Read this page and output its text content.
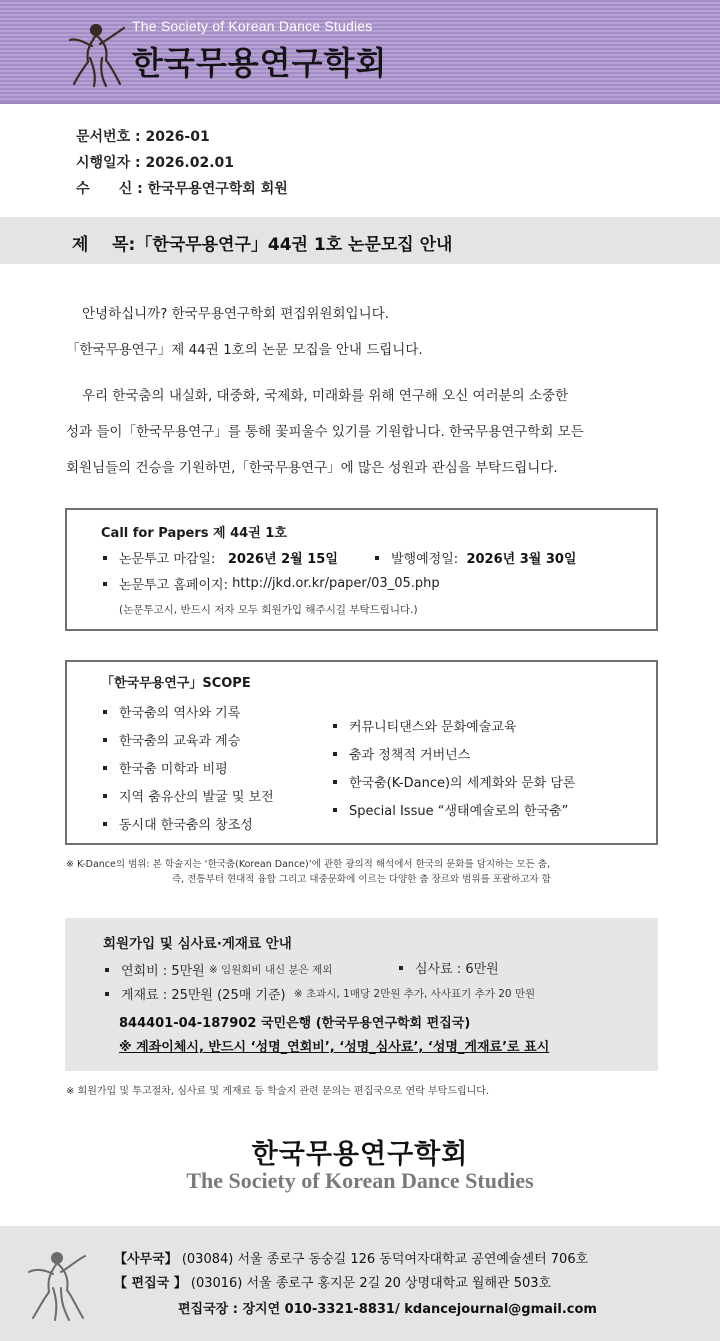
The Society of Korean Dance Studies
한국무용연구학회
문서번호
: 2026-01
시행일자
: 2026.02.01
수      신
: 한국무용연구학회 회원
제    목:「한국무용연구」44권 1호 논문모집 안내

안녕하십니까? 한국무용연구학회 편집위원회입니다.

「한국무용연구」제 44권 1호의 논문 모집을 안내 드립니다.

우리 한국춤의 내실화, 대중화, 국제화, 미래화를 위해 연구해 오신 여러분의 소중한

성과 들이「한국무용연구」를 통해 꽃피울수 있기를 기원합니다. 한국무용연구학회 모든

회원님들의 건승을 기원하면,「한국무용연구」에 많은 성원과 관심을 부탁드립니다.

Call for Papers 제 44권 1호
논문투고 마감일:
2026년 2월 15일	발행예정일:
2026년 3월 30일
논문투고 홈페이지:
http://jkd.or.kr/paper/03_05.php
(논문투고시, 반드시 저자 모두 회원가입 해주시길 부탁드립니다.)
「한국무용연구」SCOPE
한국춤의 역사와 기록
한국춤의 교육과 계승
한국춤 미학과 비평
지역 춤유산의 발굴 및 보전
동시대 한국춤의 창조성
커뮤니티댄스와 문화예술교육
춤과 정책적 거버넌스
한국춤(K-Dance)의 세계화와 문화 담론
Special Issue “생태예술로의 한국춤”
※ K-Dance의 범위: 본 학술지는 ‘한국춤(Korean Dance)’에 관한 광의적 해석에서 한국의 문화를 담지하는 모든 춤,
즉, 전통부터 현대적 융합 그리고 대중문화에 이르는 다양한 춤 장르와 범위를 포괄하고자 함
회원가입 및 심사료·게재료 안내
연회비 : 5만원
※ 임원회비 내신 분은 제외	심사료 : 6만원
게재료 : 25만원 (25매 기준)
※ 초과시, 1매당 2만원 추가, 사사표기 추가 20 만원
844401-04-187902 국민은행 (한국무용연구학회 편집국)
※ 계좌이체시, 반드시 ‘성명_연회비’, ‘성명_심사료’, ‘성명_게재료’로 표시
※ 회원가입 및 투고절차, 심사료 및 게재료 등 학술지 관련 문의는 편집국으로 연락 부탁드립니다.
한국무용연구학회
The Society of Korean Dance Studies
【사무국】 (03084) 서울 종로구 동숭길 126 동덕여자대학교 공연예술센터 706호
【 편집국 】 (03016) 서울 종로구 홍지문 2길 20 상명대학교 월해관 503호
편집국장 : 장지연 010-3321-8831/ kdancejournal@gmail.com
